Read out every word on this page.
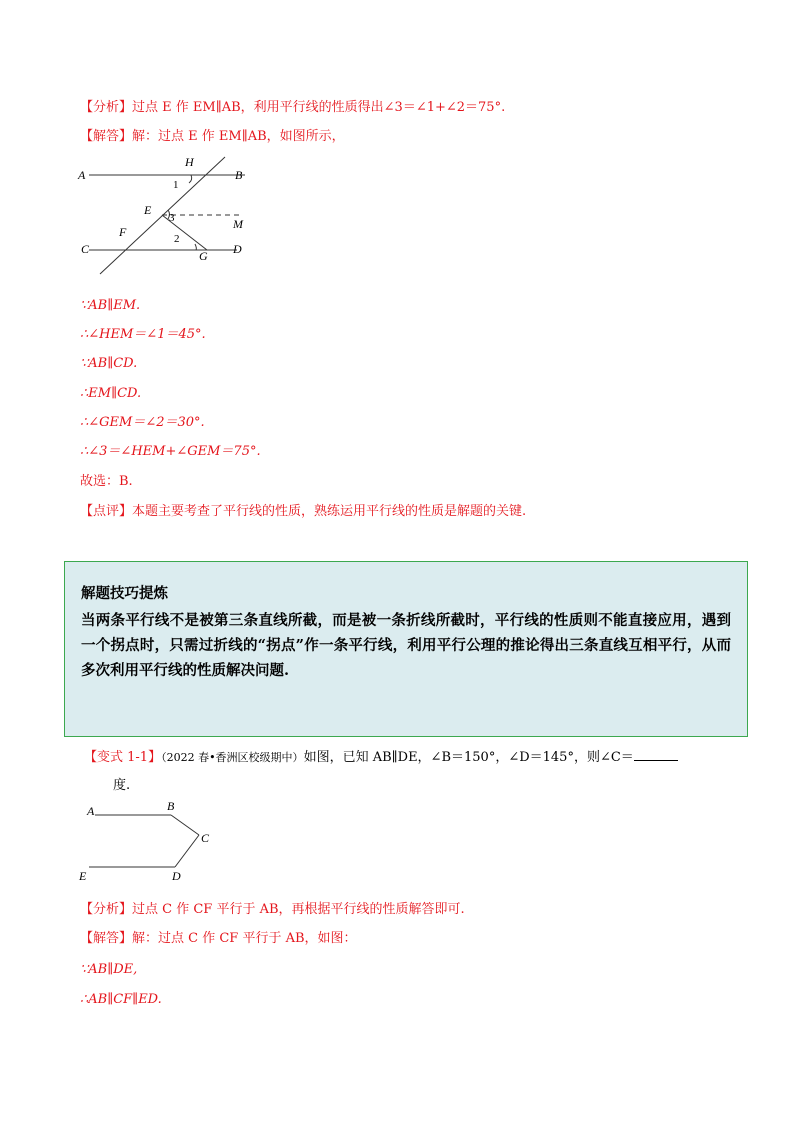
【分析】过点 E 作 EM∥AB，利用平行线的性质得出∠3＝∠1+∠2＝75°.
【解答】解：过点 E 作 EM∥AB，如图所示，
A	B
H
1
E
3	M
F	2
C	D
G
∵AB∥EM.
∴∠HEM＝∠1＝45°.
∵AB∥CD.
∴EM∥CD.
∴∠GEM＝∠2＝30°.
∴∠3＝∠HEM+∠GEM＝75°.
故选：B.
【点评】本题主要考查了平行线的性质，熟练运用平行线的性质是解题的关键.
解题技巧提炼
当两条平行线不是被第三条直线所截，而是被一条折线所截时，平行线的性质则不能直接应用，遇到一个拐点时，只需过折线的“拐点”作一条平行线，利用平行公理的推论得出三条直线互相平行，从而多次利用平行线的性质解决问题.
【变式 1-1】（2022 春•香洲区校级期中）如图，已知 AB∥DE，∠B＝150°，∠D＝145°，则∠C＝
度.
A	B
C
E	D
【分析】过点 C 作 CF 平行于 AB，再根据平行线的性质解答即可.
【解答】解：过点 C 作 CF 平行于 AB，如图：
∵AB∥DE,
∴AB∥CF∥ED.
